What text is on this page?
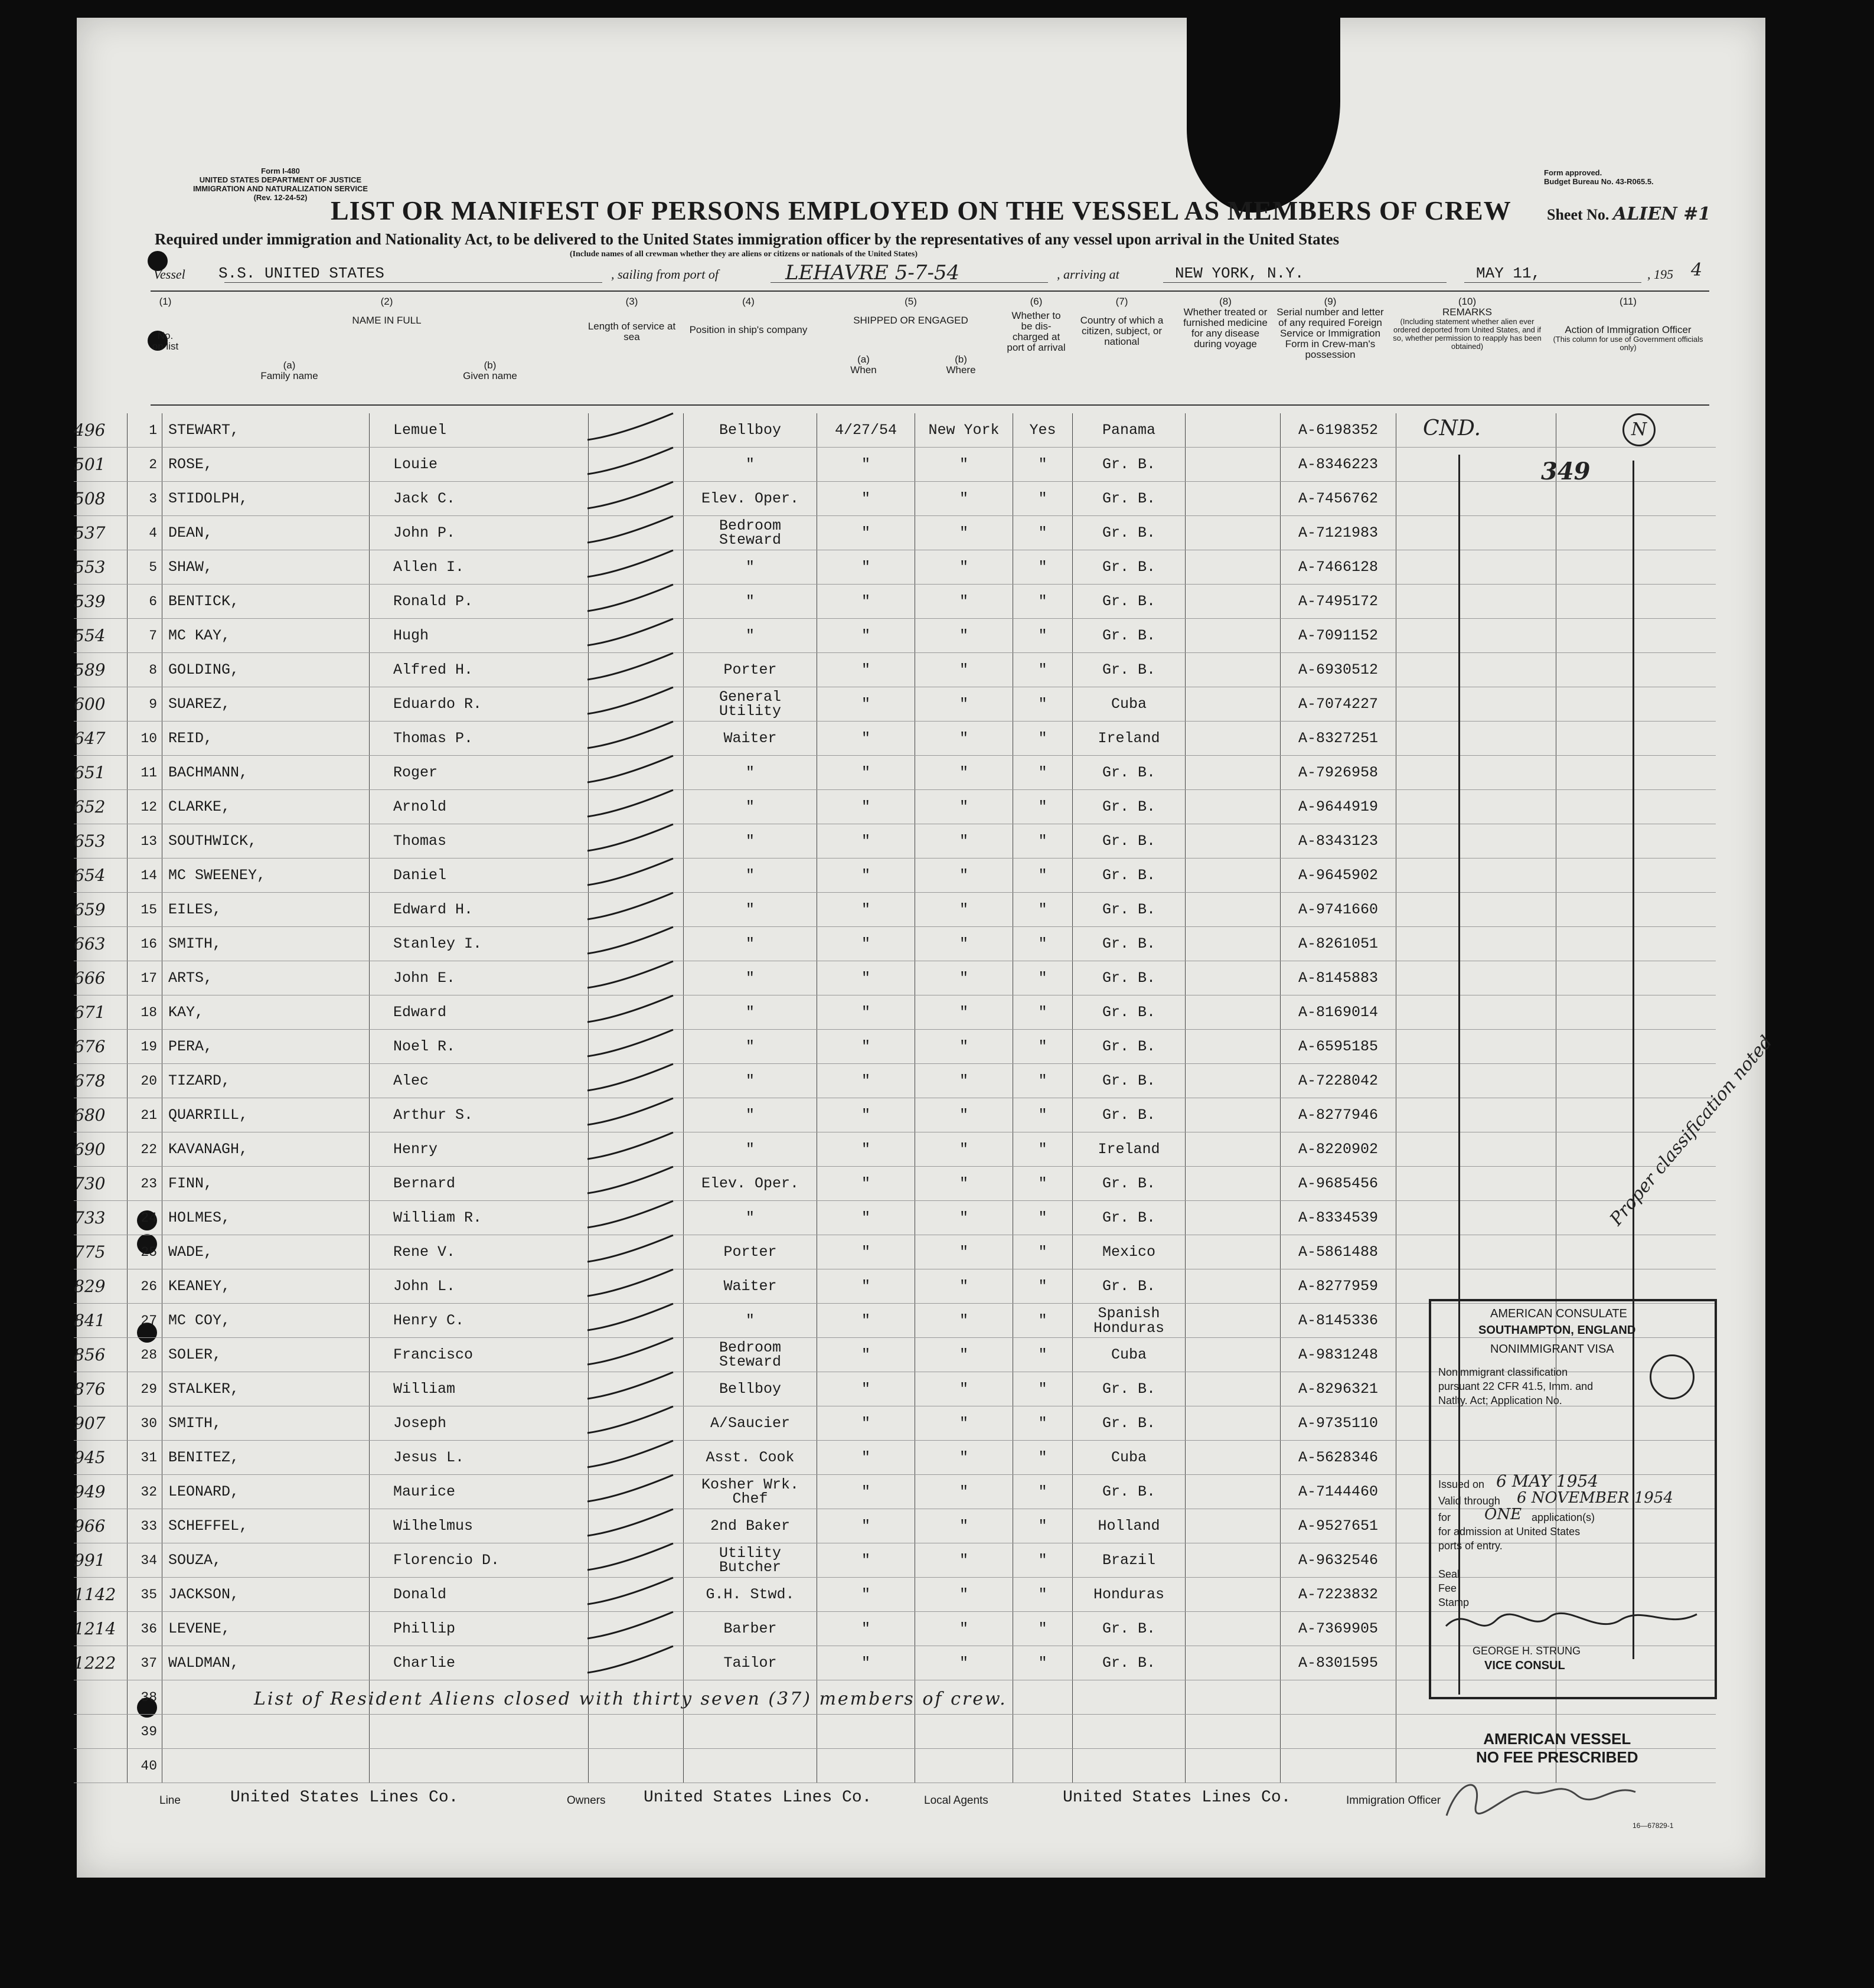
Form I-480
UNITED STATES DEPARTMENT OF JUSTICE
IMMIGRATION AND NATURALIZATION SERVICE
(Rev. 12-24-52)
Form approved.
Budget Bureau No. 43-R065.5.
LIST OR MANIFEST OF PERSONS EMPLOYED ON THE VESSEL AS MEMBERS OF CREW Sheet No. ALIEN #1
Required under immigration and Nationality Act, to be delivered to the United States immigration officer by the representatives of any vessel upon arrival in the United States
(Include names of all crewman whether they are aliens or citizens or nationals of the United States)
Vessel S.S. UNITED STATES	, sailing from port of	LEHAVRE 5-7-54	, arriving at	NEW YORK, N.Y.	MAY 11,	, 195 4
(1)
No. on list
(2)
NAME IN FULL
(a)
Family name
(b)
Given name
(3)
Length of service at sea
(4)
Position in ship's company
(5)
SHIPPED OR ENGAGED
(a)
When
(b)
Where
(6)
Whether to be dis-charged at port of arrival
(7)
Country of which a citizen, subject, or national
(8)
Whether treated or furnished medicine for any disease during voyage
(9)
Serial number and letter of any required Foreign Service or Immigration Form in Crew-man's possession
(10)
REMARKS
(Including statement whether alien ever ordered deported from United States, and if so, whether permission to reapply has been obtained)
(11)
Action of Immigration Officer
(This column for use of Government officials only)
496	1	STEWART,	Lemuel		Bellboy	4/27/54	New York	Yes	Panama		A-6198352		
501	2	ROSE,	Louie		"	"	"	"	Gr. B.		A-8346223		
508	3	STIDOLPH,	Jack C.		Elev. Oper.	"	"	"	Gr. B.		A-7456762		
537	4	DEAN,	John P.		Bedroom Steward	"	"	"	Gr. B.		A-7121983		
553	5	SHAW,	Allen I.		"	"	"	"	Gr. B.		A-7466128		
539	6	BENTICK,	Ronald P.		"	"	"	"	Gr. B.		A-7495172		
554	7	MC KAY,	Hugh		"	"	"	"	Gr. B.		A-7091152		
589	8	GOLDING,	Alfred H.		Porter	"	"	"	Gr. B.		A-6930512		
600	9	SUAREZ,	Eduardo R.		General Utility	"	"	"	Cuba		A-7074227		
647	10	REID,	Thomas P.		Waiter	"	"	"	Ireland		A-8327251		
651	11	BACHMANN,	Roger		"	"	"	"	Gr. B.		A-7926958		
652	12	CLARKE,	Arnold		"	"	"	"	Gr. B.		A-9644919		
653	13	SOUTHWICK,	Thomas		"	"	"	"	Gr. B.		A-8343123		
654	14	MC SWEENEY,	Daniel		"	"	"	"	Gr. B.		A-9645902		
659	15	EILES,	Edward H.		"	"	"	"	Gr. B.		A-9741660		
663	16	SMITH,	Stanley I.		"	"	"	"	Gr. B.		A-8261051		
666	17	ARTS,	John E.		"	"	"	"	Gr. B.		A-8145883		
671	18	KAY,	Edward		"	"	"	"	Gr. B.		A-8169014		
676	19	PERA,	Noel R.		"	"	"	"	Gr. B.		A-6595185		
678	20	TIZARD,	Alec		"	"	"	"	Gr. B.		A-7228042		
680	21	QUARRILL,	Arthur S.		"	"	"	"	Gr. B.		A-8277946		
690	22	KAVANAGH,	Henry		"	"	"	"	Ireland		A-8220902		
730	23	FINN,	Bernard		Elev. Oper.	"	"	"	Gr. B.		A-9685456		
733	24	HOLMES,	William R.		"	"	"	"	Gr. B.		A-8334539		
775	25	WADE,	Rene V.		Porter	"	"	"	Mexico		A-5861488		
829	26	KEANEY,	John L.		Waiter	"	"	"	Gr. B.		A-8277959		
841	27	MC COY,	Henry C.		"	"	"	"	Spanish Honduras		A-8145336		
856	28	SOLER,	Francisco		Bedroom Steward	"	"	"	Cuba		A-9831248		
876	29	STALKER,	William		Bellboy	"	"	"	Gr. B.		A-8296321		
907	30	SMITH,	Joseph		A/Saucier	"	"	"	Gr. B.		A-9735110		
945	31	BENITEZ,	Jesus L.		Asst. Cook	"	"	"	Cuba		A-5628346		
949	32	LEONARD,	Maurice		Kosher Wrk. Chef	"	"	"	Gr. B.		A-7144460		
966	33	SCHEFFEL,	Wilhelmus		2nd Baker	"	"	"	Holland		A-9527651		
991	34	SOUZA,	Florencio D.		Utility Butcher	"	"	"	Brazil		A-9632546		
1142	35	JACKSON,	Donald		G.H. Stwd.	"	"	"	Honduras		A-7223832		
1214	36	LEVENE,	Phillip		Barber	"	"	"	Gr. B.		A-7369905		
1222	37	WALDMAN,	Charlie		Tailor	"	"	"	Gr. B.		A-8301595		
	38												
	39												
	40												
CND.	N
349
List of Resident Aliens closed with thirty seven (37) members of crew.
Proper classification noted
AMERICAN CONSULATE
SOUTHAMPTON, ENGLAND
NONIMMIGRANT VISA
Nonimmigrant classification
pursuant 22 CFR 41.5, Imm. and
Natlty. Act; Application No.
Issued on 6 MAY 1954
Valid through 6 NOVEMBER 1954
for ONE application(s)
for admission at United States
ports of entry.
Seal
Fee
Stamp
GEORGE H. STRUNG
VICE CONSUL
AMERICAN VESSEL
NO FEE PRESCRIBED
Line	United States Lines Co.	Owners United States Lines Co.	Local Agents	United States Lines Co.	Immigration Officer
16—67829-1
